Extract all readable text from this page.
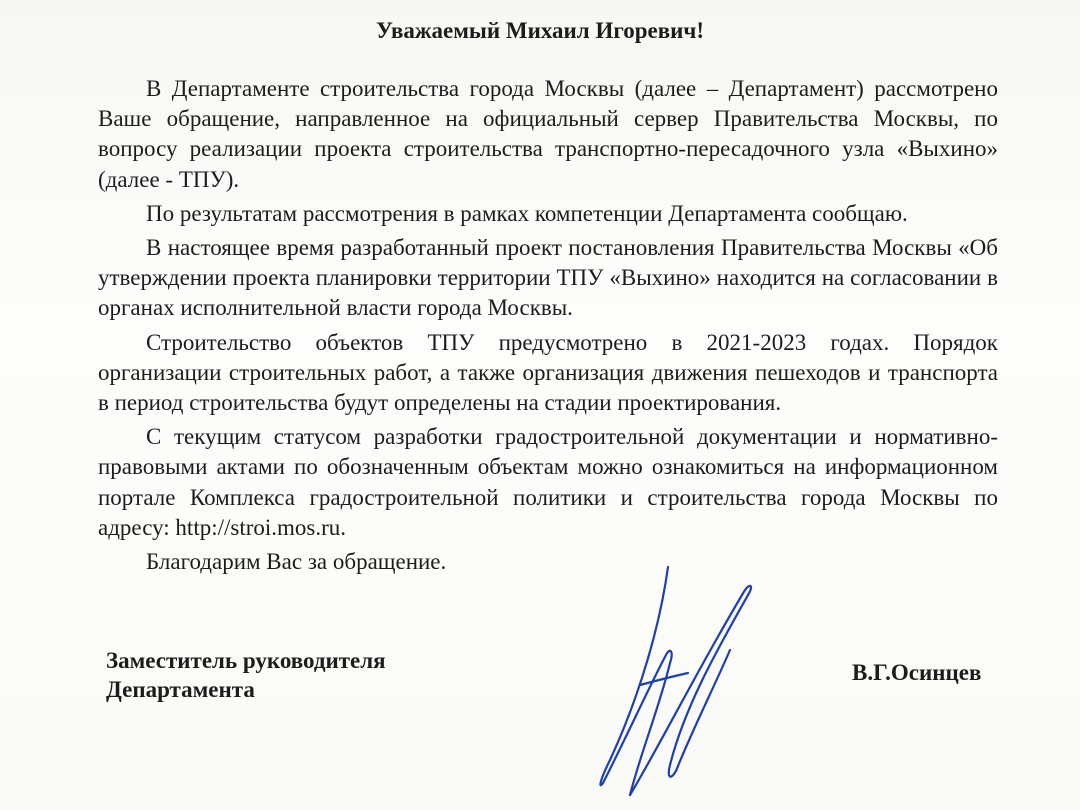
Уважаемый Михаил Игоревич!

В Департаменте строительства города Москвы (далее – Департамент) рассмотрено Ваше обращение, направленное на официальный сервер Правительства Москвы, по вопросу реализации проекта строительства транспортно-пересадочного узла «Выхино» (далее - ТПУ).

По результатам рассмотрения в рамках компетенции Департамента сообщаю.

В настоящее время разработанный проект постановления Правительства Москвы «Об утверждении проекта планировки территории ТПУ «Выхино» находится на согласовании в органах исполнительной власти города Москвы.

Строительство объектов ТПУ предусмотрено в 2021-2023 годах. Порядок организации строительных работ, а также организация движения пешеходов и транспорта в период строительства будут определены на стадии проектирования.

С текущим статусом разработки градостроительной документации и нормативно-правовыми актами по обозначенным объектам можно ознакомиться на информационном портале Комплекса градостроительной политики и строительства города Москвы по адресу: http://stroi.mos.ru.

Благодарим Вас за обращение.

Заместитель руководителя
Департамента
В.Г.Осинцев
